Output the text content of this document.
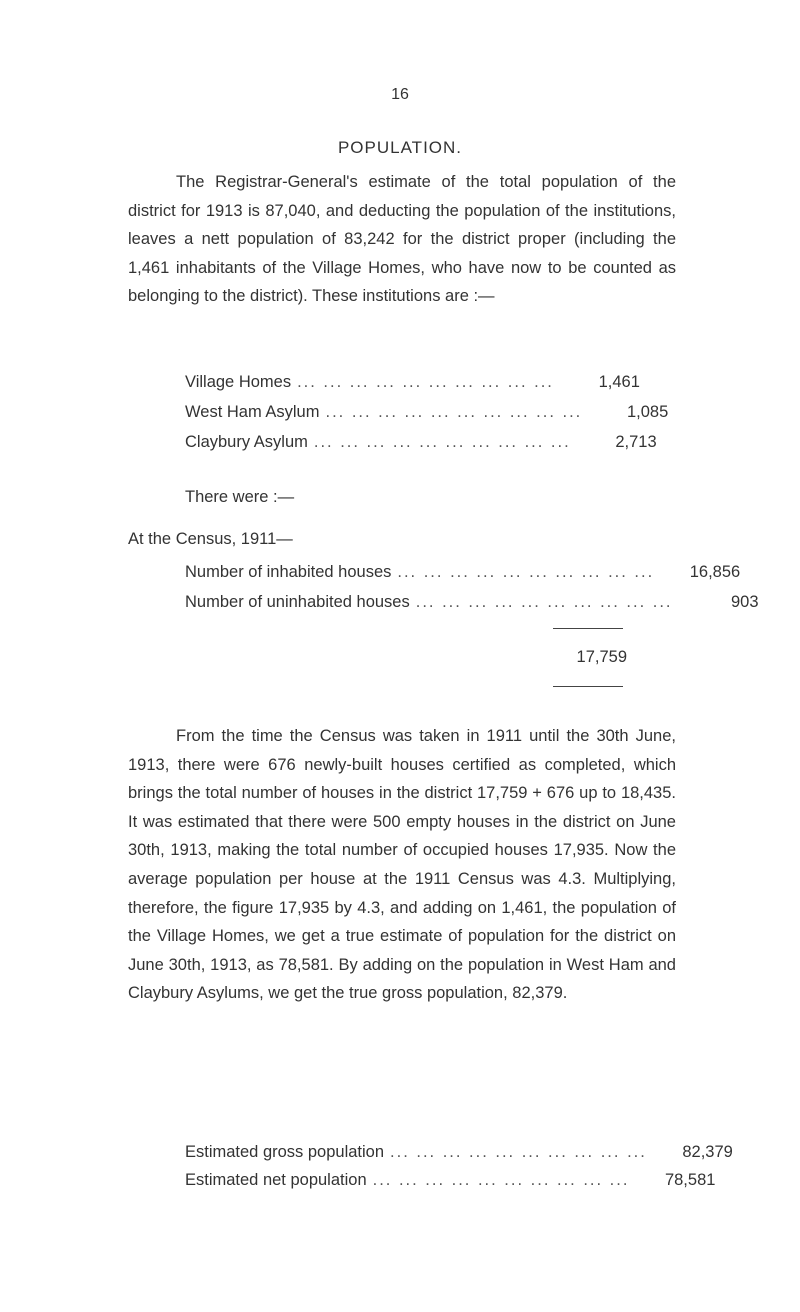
16
POPULATION.
The Registrar-General's estimate of the total population of the district for 1913 is 87,040, and deducting the population of the institutions, leaves a nett population of 83,242 for the district proper (including the 1,461 inhabitants of the Village Homes, who have now to be counted as belonging to the district). These institutions are :—
Village Homes ... ... ... ... ... ... ... ... ... ...	1,461
West Ham Asylum ... ... ... ... ... ... ... ... ... ...	1,085
Claybury Asylum ... ... ... ... ... ... ... ... ... ...	2,713
There were :—
At the Census, 1911—
Number of inhabited houses ... ... ... ... ... ... ... ... ... ...	16,856
Number of uninhabited houses ... ... ... ... ... ... ... ... ... ...	903
17,759
From the time the Census was taken in 1911 until the 30th June, 1913, there were 676 newly-built houses certified as completed, which brings the total number of houses in the district 17,759 + 676 up to 18,435. It was estimated that there were 500 empty houses in the district on June 30th, 1913, making the total number of occupied houses 17,935. Now the average population per house at the 1911 Census was 4.3. Multiplying, therefore, the figure 17,935 by 4.3, and adding on 1,461, the population of the Village Homes, we get a true estimate of population for the district on June 30th, 1913, as 78,581. By adding on the population in West Ham and Claybury Asylums, we get the true gross population, 82,379.
Estimated gross population ... ... ... ... ... ... ... ... ... ...	82,379
Estimated net population ... ... ... ... ... ... ... ... ... ...	78,581
